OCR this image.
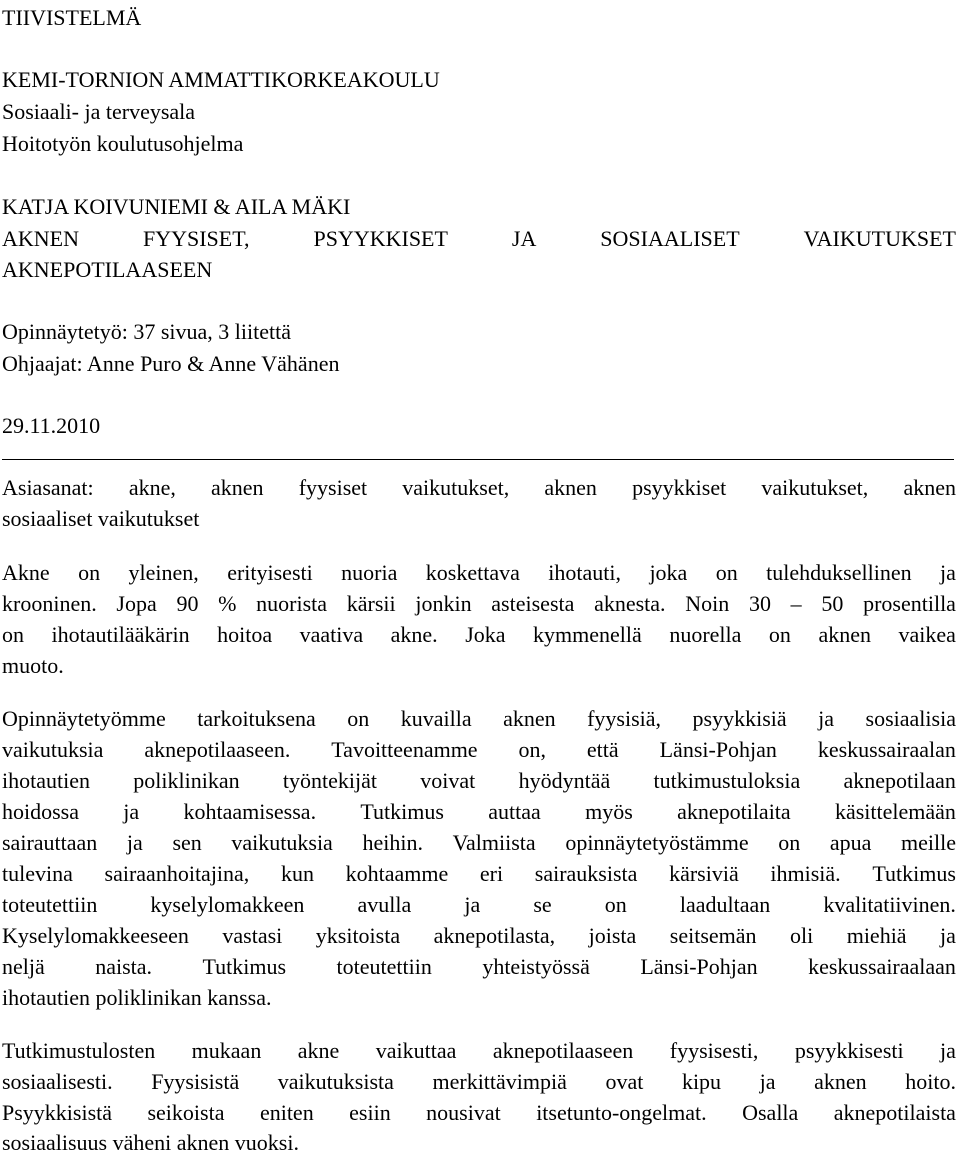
TIIVISTELMÄ
KEMI-TORNION AMMATTIKORKEAKOULU
Sosiaali- ja terveysala
Hoitotyön koulutusohjelma
KATJA KOIVUNIEMI & AILA MÄKI
AKNEN	FYYSISET,	PSYYKKISET	JA	SOSIAALISET	VAIKUTUKSET
AKNEPOTILAASEEN
Opinnäytetyö: 37 sivua, 3 liitettä
Ohjaajat: Anne Puro & Anne Vähänen
29.11.2010
Asiasanat: akne, aknen fyysiset vaikutukset, aknen psyykkiset vaikutukset, aknen
sosiaaliset vaikutukset
Akne on yleinen, erityisesti nuoria koskettava ihotauti, joka on tulehduksellinen ja
krooninen. Jopa 90 % nuorista kärsii jonkin asteisesta aknesta. Noin 30 – 50 prosentilla
on ihotautilääkärin hoitoa vaativa akne. Joka kymmenellä nuorella on aknen vaikea
muoto.
Opinnäytetyömme tarkoituksena on kuvailla aknen fyysisiä, psyykkisiä ja sosiaalisia
vaikutuksia aknepotilaaseen. Tavoitteenamme on, että Länsi-Pohjan keskussairaalan
ihotautien poliklinikan työntekijät voivat hyödyntää tutkimustuloksia aknepotilaan
hoidossa ja kohtaamisessa. Tutkimus auttaa myös aknepotilaita käsittelemään
sairauttaan ja sen vaikutuksia heihin. Valmiista opinnäytetyöstämme on apua meille
tulevina sairaanhoitajina, kun kohtaamme eri sairauksista kärsiviä ihmisiä. Tutkimus
toteutettiin kyselylomakkeen avulla ja se on laadultaan kvalitatiivinen.
Kyselylomakkeeseen vastasi yksitoista aknepotilasta, joista seitsemän oli miehiä ja
neljä naista. Tutkimus toteutettiin yhteistyössä Länsi-Pohjan keskussairaalaan
ihotautien poliklinikan kanssa.
Tutkimustulosten mukaan akne vaikuttaa aknepotilaaseen fyysisesti, psyykkisesti ja
sosiaalisesti. Fyysisistä vaikutuksista merkittävimpiä ovat kipu ja aknen hoito.
Psyykkisistä seikoista eniten esiin nousivat itsetunto-ongelmat. Osalla aknepotilaista
sosiaalisuus väheni aknen vuoksi.
